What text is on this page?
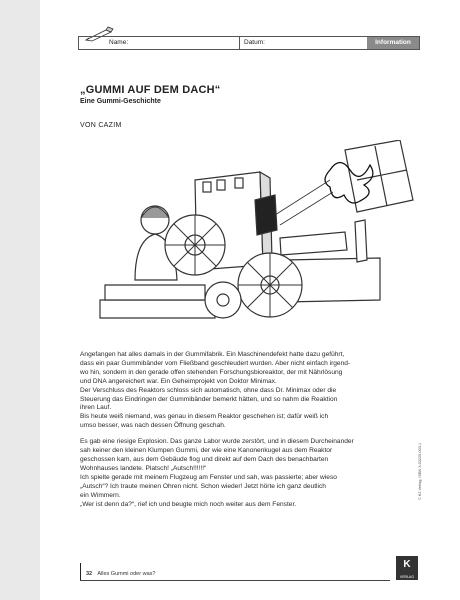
Name:	Datum:	Information
„GUMMI AUF DEM DACH“
Eine Gummi-Geschichte

VON CAZIM

Angefangen hat alles damals in der Gummifabrik. Ein Maschinendefekt hatte dazu geführt,

dass ein paar Gummibänder vom Fließband geschleudert wurden. Aber nicht einfach irgend-

wo hin, sondern in den gerade offen stehenden Forschungsbioreaktor, der mit Nährlösung

und DNA angereichert war. Ein Geheimprojekt von Doktor Minimax.

Der Verschluss des Reaktors schloss sich automatisch, ohne dass Dr. Minimax oder die

Steuerung das Eindringen der Gummibänder bemerkt hätten, und so nahm die Reaktion

ihren Lauf.

Bis heute weiß niemand, was genau in diesem Reaktor geschehen ist; dafür weiß ich

umso besser, was nach dessen Öffnung geschah.

Es gab eine riesige Explosion. Das ganze Labor wurde zerstört, und in diesem Durcheinander

sah keiner den kleinen Klumpen Gummi, der wie eine Kanonenkugel aus dem Reaktor

geschossen kam, aus dem Gebäude flog und direkt auf dem Dach des benachbarten

Wohnhauses landete. Platsch! „Autsch!!!!!!“

Ich spielte gerade mit meinem Flugzeug am Fenster und sah, was passierte; aber wieso

„Autsch“? Ich traute meinen Ohren nicht. Schon wieder! Jetzt hörte ich ganz deutlich

ein Wimmern.

„Wer ist denn da?“, rief ich und beugte mich noch weiter aus dem Fenster.

32 Alles Gummi oder was?
K
VERLAG
© K2 Verlag, ISBN 3-03225-003-1
